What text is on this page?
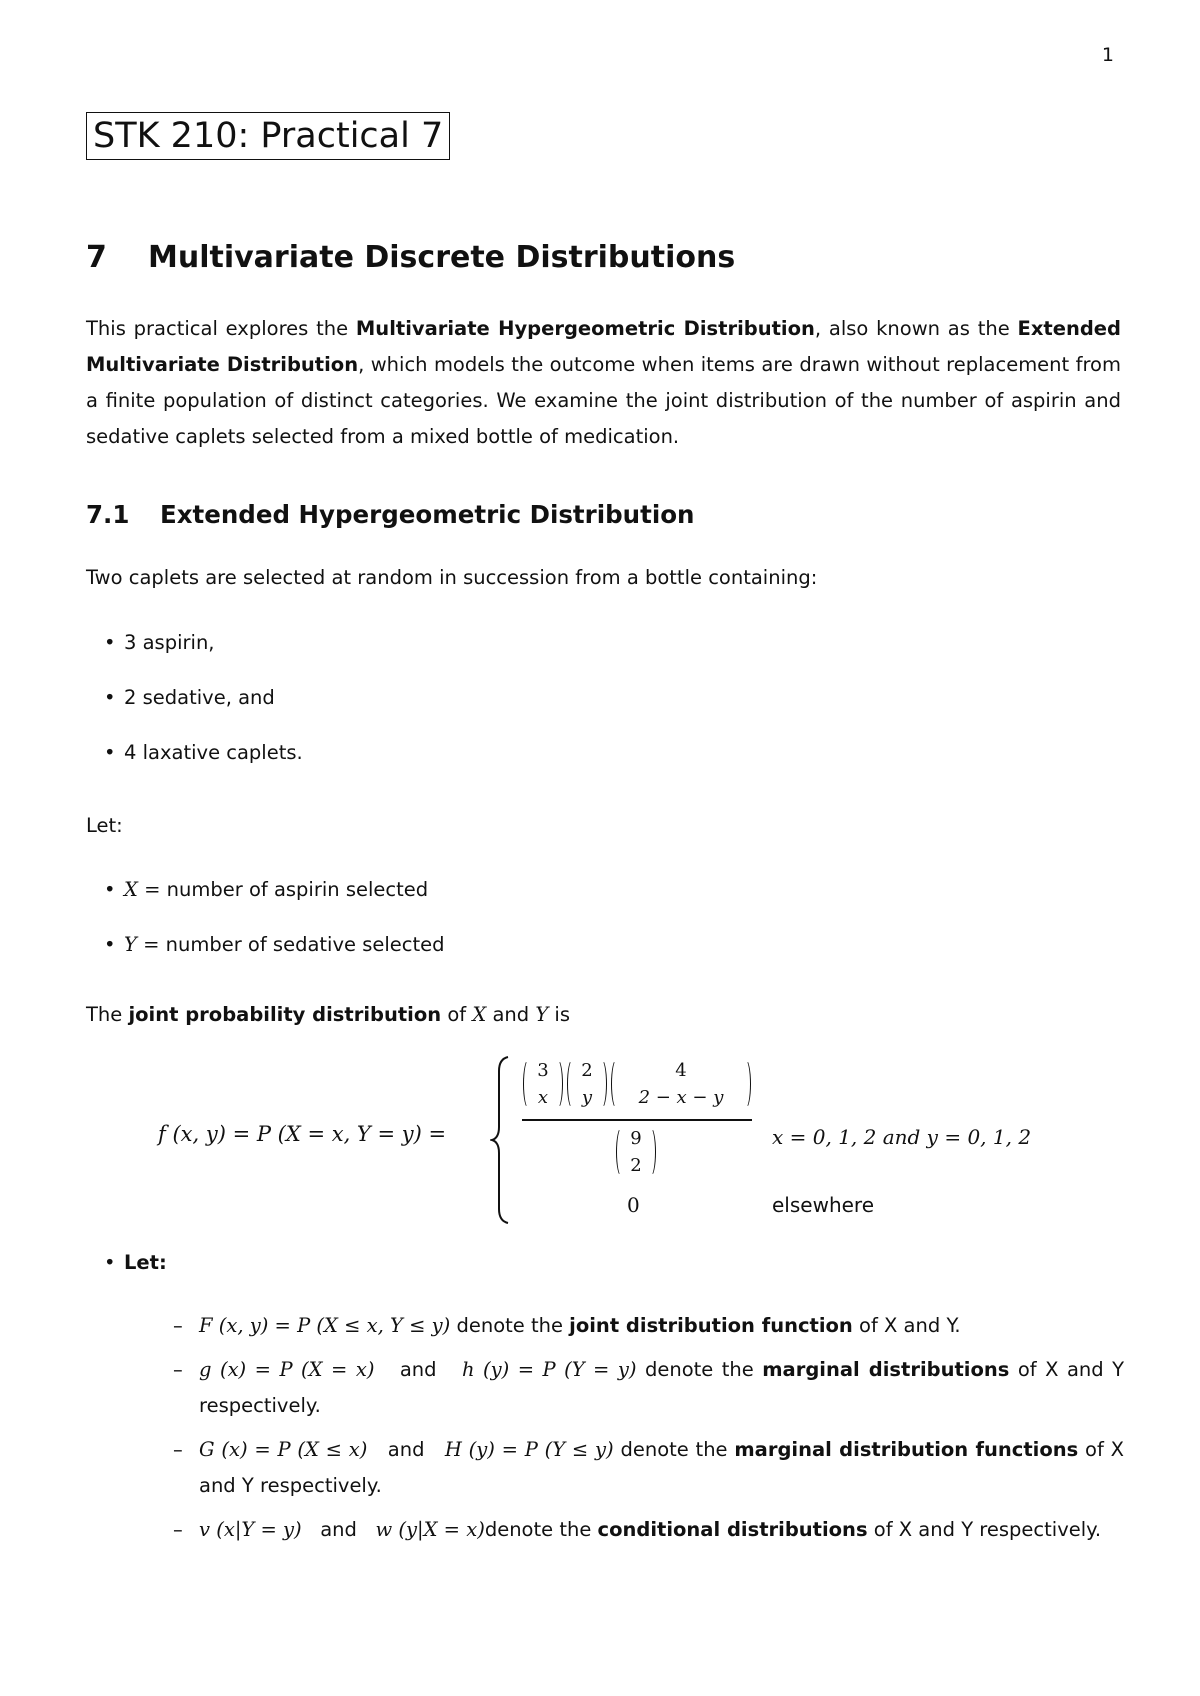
1
STK 210: Practical 7
7 Multivariate Discrete Distributions
This practical explores the Multivariate Hypergeometric Distribution, also known as the Extended Multivariate Distribution, which models the outcome when items are drawn without replacement from a finite population of distinct categories. We examine the joint distribution of the number of aspirin and sedative caplets selected from a mixed bottle of medication.
7.1 Extended Hypergeometric Distribution
Two caplets are selected at random in succession from a bottle containing:
• 3 aspirin,
• 2 sedative, and
• 4 laxative caplets.
Let:
• X = number of aspirin selected
• Y = number of sedative selected
The joint probability distribution of X and Y is
f (x, y) = P (X = x, Y = y) =
3
x
2
y
4
2 − x − y
9
2
x = 0, 1, 2 and y = 0, 1, 2
0	elsewhere
• Let:
– F (x, y) = P (X ≤ x, Y ≤ y) denote the joint distribution function of X and Y.
– g (x) = P (X = x)   and   h (y) = P (Y = y) denote the marginal distributions of X and Y respectively.
– G (x) = P (X ≤ x)   and   H (y) = P (Y ≤ y) denote the marginal distribution functions of X and Y respectively.
– v (x|Y = y)   and   w (y|X = x)denote the conditional distributions of X and Y respectively.
